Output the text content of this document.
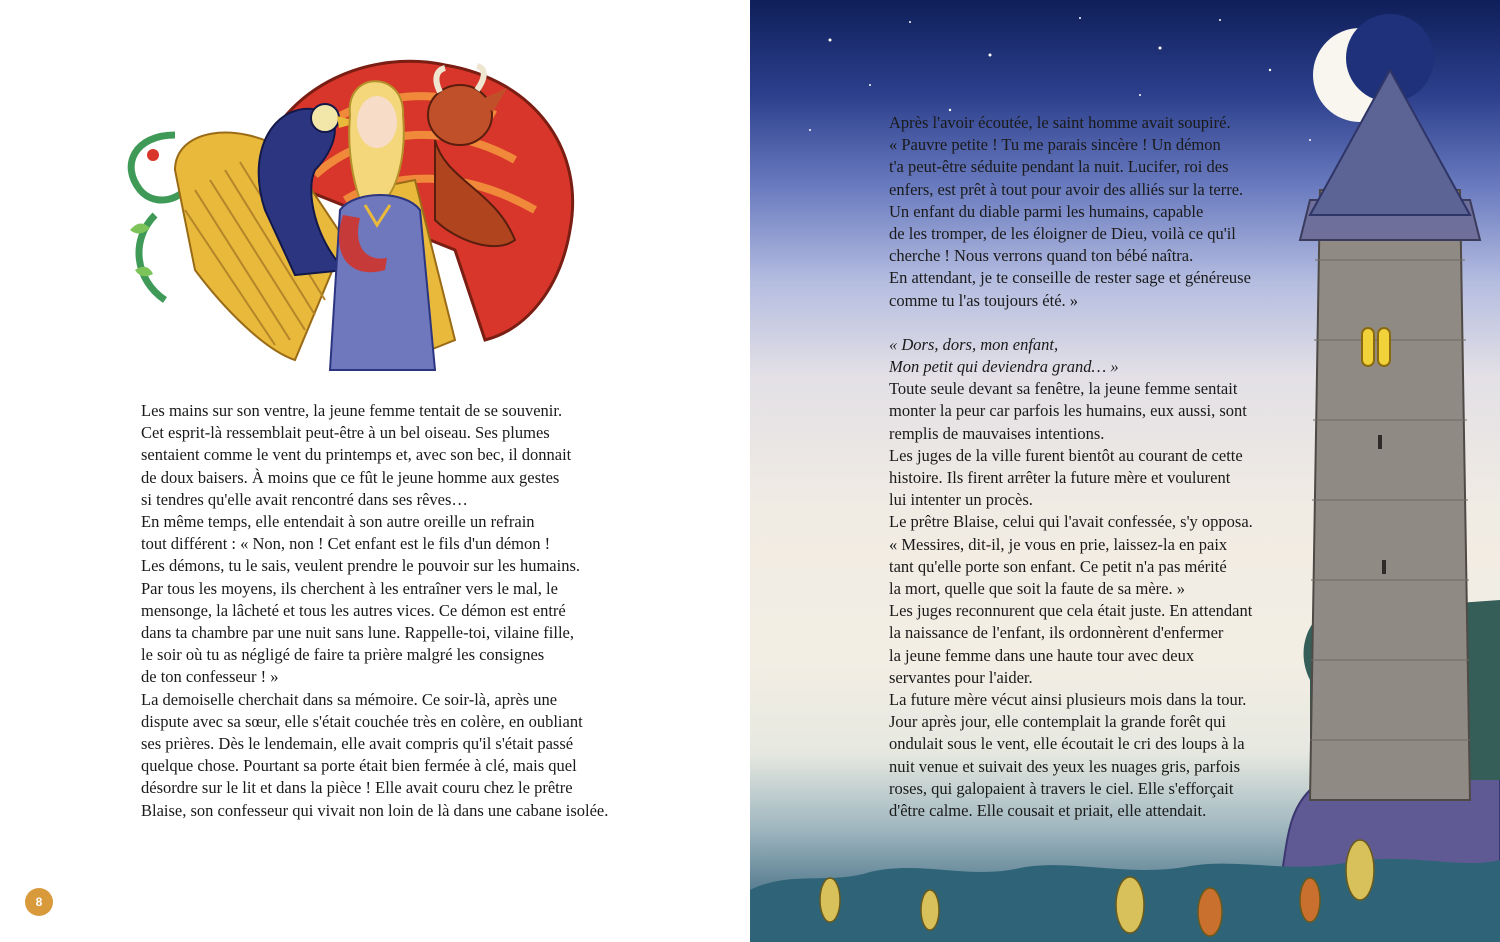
Les mains sur son ventre, la jeune femme tentait de se souvenir.
Cet esprit-là ressemblait peut-être à un bel oiseau. Ses plumes
sentaient comme le vent du printemps et, avec son bec, il donnait
de doux baisers. À moins que ce fût le jeune homme aux gestes
si tendres qu'elle avait rencontré dans ses rêves…
En même temps, elle entendait à son autre oreille un refrain
tout différent : « Non, non ! Cet enfant est le fils d'un démon !
Les démons, tu le sais, veulent prendre le pouvoir sur les humains.
Par tous les moyens, ils cherchent à les entraîner vers le mal, le
mensonge, la lâcheté et tous les autres vices. Ce démon est entré
dans ta chambre par une nuit sans lune. Rappelle-toi, vilaine fille,
le soir où tu as négligé de faire ta prière malgré les consignes
de ton confesseur ! »
La demoiselle cherchait dans sa mémoire. Ce soir-là, après une
dispute avec sa sœur, elle s'était couchée très en colère, en oubliant
ses prières. Dès le lendemain, elle avait compris qu'il s'était passé
quelque chose. Pourtant sa porte était bien fermée à clé, mais quel
désordre sur le lit et dans la pièce ! Elle avait couru chez le prêtre
Blaise, son confesseur qui vivait non loin de là dans une cabane isolée.
8
Après l'avoir écoutée, le saint homme avait soupiré.
« Pauvre petite ! Tu me parais sincère ! Un démon
t'a peut-être séduite pendant la nuit. Lucifer, roi des
enfers, est prêt à tout pour avoir des alliés sur la terre.
Un enfant du diable parmi les humains, capable
de les tromper, de les éloigner de Dieu, voilà ce qu'il
cherche ! Nous verrons quand ton bébé naîtra.
En attendant, je te conseille de rester sage et généreuse
comme tu l'as toujours été. »
« Dors, dors, mon enfant,
Mon petit qui deviendra grand… »
Toute seule devant sa fenêtre, la jeune femme sentait
monter la peur car parfois les humains, eux aussi, sont
remplis de mauvaises intentions.
Les juges de la ville furent bientôt au courant de cette
histoire. Ils firent arrêter la future mère et voulurent
lui intenter un procès.
Le prêtre Blaise, celui qui l'avait confessée, s'y opposa.
« Messires, dit-il, je vous en prie, laissez-la en paix
tant qu'elle porte son enfant. Ce petit n'a pas mérité
la mort, quelle que soit la faute de sa mère. »
Les juges reconnurent que cela était juste. En attendant
la naissance de l'enfant, ils ordonnèrent d'enfermer
la jeune femme dans une haute tour avec deux
servantes pour l'aider.
La future mère vécut ainsi plusieurs mois dans la tour.
Jour après jour, elle contemplait la grande forêt qui
ondulait sous le vent, elle écoutait le cri des loups à la
nuit venue et suivait des yeux les nuages gris, parfois
roses, qui galopaient à travers le ciel. Elle s'efforçait
d'être calme. Elle cousait et priait, elle attendait.
